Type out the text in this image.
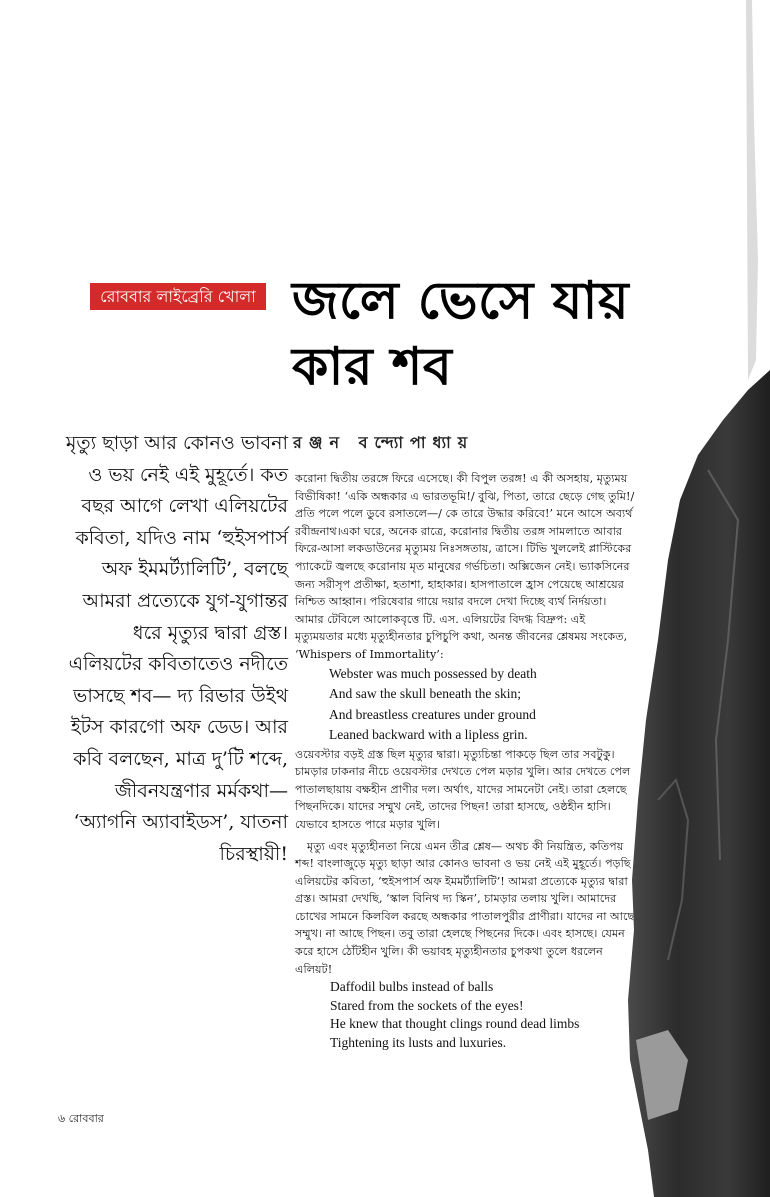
রোববার লাইব্রেরি খোলা জলে ভেসে যায়
কার শব
রঞ্জন বন্দ্যোপাধ্যায়

মৃত্যু ছাড়া আর কোনও ভাবনা ও ভয় নেই এই মুহূর্তে। কত বছর আগে লেখা এলিয়টের কবিতা, যদিও নাম ‘হুইসপার্স অফ ইমমর্ট্যালিটি’, বলছে আমরা প্রত্যেকে যুগ-যুগান্তর ধরে মৃত্যুর দ্বারা গ্রস্ত। এলিয়টের কবিতাতেও নদীতে ভাসছে শব— দ্য রিভার উইথ ইটস কারগো অফ ডেড। আর কবি বলছেন, মাত্র দু’টি শব্দে, জীবনযন্ত্রণার মর্মকথা— ‘অ্যাগনি অ্যাবাইডস’, যাতনা চিরস্থায়ী!

করোনা দ্বিতীয় তরঙ্গে ফিরে এসেছে। কী বিপুল তরঙ্গ! এ কী অসহায়, মৃত্যুময় বিভীষিকা! ‘একি অন্ধকার এ ভারতভূমি!/ বুঝি, পিতা, তারে ছেড়ে গেছ তুমি!/ প্রতি পলে পলে ডুবে রসাতলে—/ কে তারে উদ্ধার করিবে!’ মনে আসে অব্যর্থ রবীন্দ্রনাথ।একা ঘরে, অনেক রাত্রে, করোনার দ্বিতীয় তরঙ্গ সামলাতে আবার ফিরে-আসা লকডাউনের মৃত্যুময় নিঃসঙ্গতায়, ত্রাসে। টিভি খুললেই প্লাস্টিকের প্যাকেটে জ্বলছে করোনায় মৃত মানুষের গর্ভচিতা। অক্সিজেন নেই। ভ্যাকসিনের জন্য সরীসৃপ প্রতীক্ষা, হতাশা, হাহাকার। হাসপাতালে হ্রাস পেয়েছে আশ্রয়ের নিশ্চিত আহ্বান। পরিষেবার গায়ে দয়ার বদলে দেখা দিচ্ছে ব্যর্থ নির্দয়তা। আমার টেবিলে আলোকবৃত্তে টি. এস. এলিয়টের বিদগ্ধ বিদ্রুপ: এই মৃত্যুময়তার মধ্যে মৃত্যুহীনতার চুপিচুপি কথা, অনন্ত জীবনের শ্লেষময় সংকেত, ‘Whispers of Immortality’:

Webster was much possessed by death

And saw the skull beneath the skin;

And breastless creatures under ground

Leaned backward with a lipless grin.

ওয়েবস্টার বড়ই গ্রস্ত ছিল মৃত্যুর দ্বারা। মৃত্যুচিন্তা পাকড়ে ছিল তার সবটুকু। চামড়ার ঢাকনার নীচে ওয়েবস্টার দেখতে পেল মড়ার খুলি। আর দেখতে পেল পাতালছায়ায় বক্ষহীন প্রাণীর দল। অর্থাৎ, যাদের সামনেটা নেই। তারা হেলছে পিছনদিকে। যাদের সম্মুখ নেই, তাদের পিছন! তারা হাসছে, ওষ্ঠহীন হাসি। যেভাবে হাসতে পারে মড়ার খুলি।

মৃত্যু এবং মৃত্যুহীনতা নিয়ে এমন তীব্র শ্লেষ— অথচ কী নিয়ন্ত্রিত, কতিপয় শব্দ! বাংলাজুড়ে মৃত্যু ছাড়া আর কোনও ভাবনা ও ভয় নেই এই মুহূর্তে। পড়ছি এলিয়টের কবিতা, ‘হুইসপার্স অফ ইমমর্ট্যালিটি’! আমরা প্রত্যেকে মৃত্যুর দ্বারা গ্রস্ত। আমরা দেখছি, ‘স্কাল বিনিথ দ্য স্কিন’, চামড়ার তলায় খুলি। আমাদের চোখের সামনে কিলবিল করছে অন্ধকার পাতালপুরীর প্রাণীরা। যাদের না আছে সম্মুখ। না আছে পিছন। তবু তারা হেলছে পিছনের দিকে। এবং হাসছে। যেমন করে হাসে ঠোঁটহীন খুলি। কী ভয়াবহ মৃত্যুহীনতার চুপকথা তুলে ধরলেন এলিয়ট!

Daffodil bulbs instead of balls

Stared from the sockets of the eyes!

He knew that thought clings round dead limbs

Tightening its lusts and luxuries.

৬ রোববার
